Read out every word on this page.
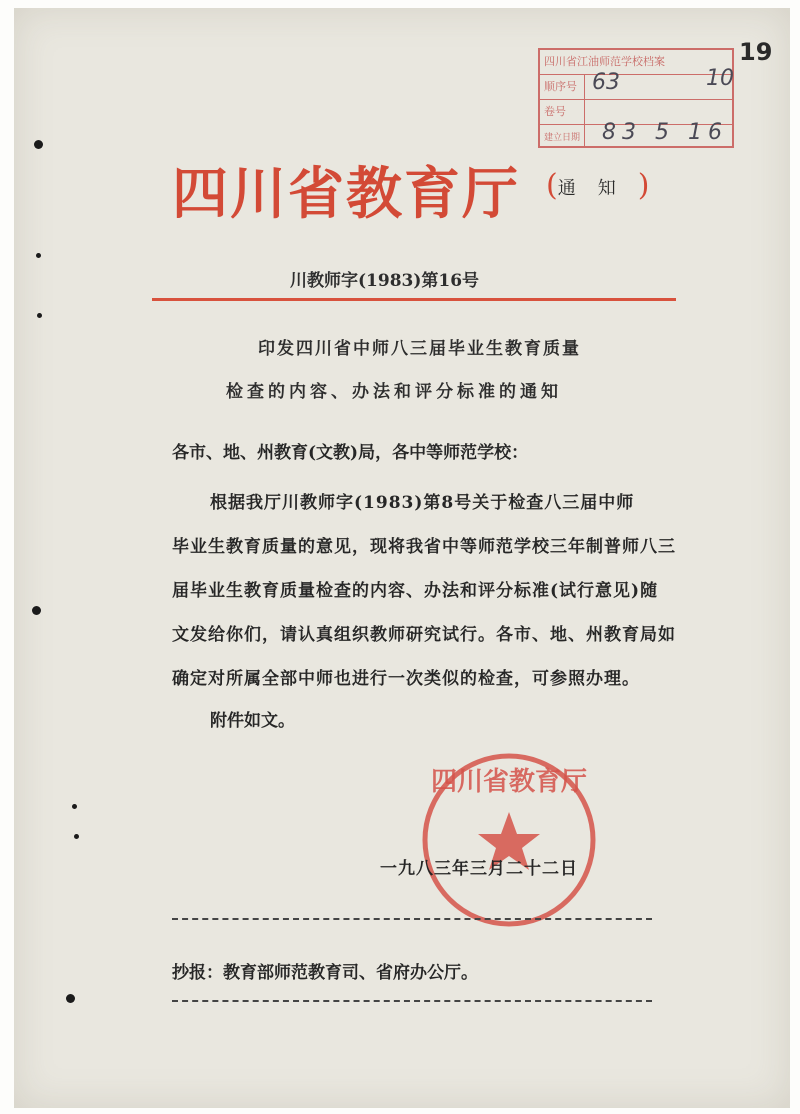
19
四川省江油师范学校档案
顺序号 63	10
卷号
建立日期 83 5 16
四川省教育厅 (通知)
川教师字(1983)第16号
印发四川省中师八三届毕业生教育质量
检查的内容、办法和评分标准的通知
各市、地、州教育(文教)局，各中等师范学校：
根据我厅川教师字(1983)第8号关于检查八三届中师
毕业生教育质量的意见，现将我省中等师范学校三年制普师八三
届毕业生教育质量检查的内容、办法和评分标准(试行意见)随
文发给你们，请认真组织教师研究试行。各市、地、州教育局如
确定对所属全部中师也进行一次类似的检查，可参照办理。
附件如文。
四川省教育厅
一九八三年三月二十二日
抄报：教育部师范教育司、省府办公厅。
